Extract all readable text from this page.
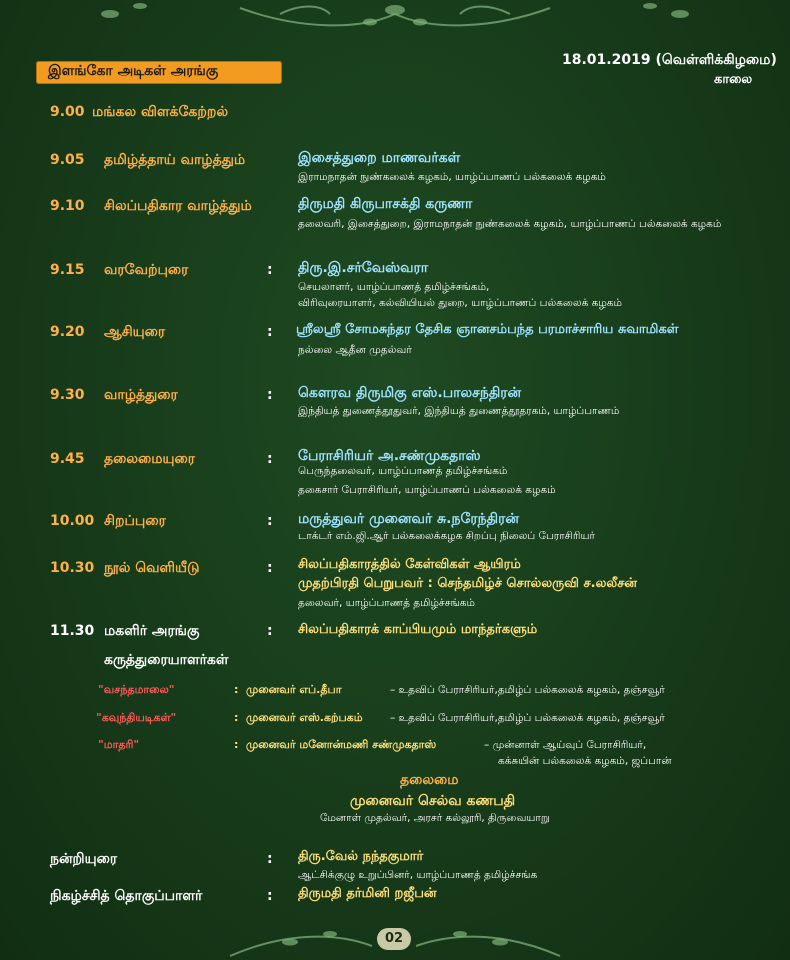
18.01.2019 (வெள்ளிக்கிழமை)
காலை
இளங்கோ அடிகள் அரங்கு
9.00 மங்கல விளக்கேற்றல்
9.05 தமிழ்த்தாய் வாழ்த்தும்	இசைத்துறை மாணவர்கள்
இராமநாதன் நுண்கலைக் கழகம், யாழ்ப்பாணப் பல்கலைக் கழகம்
9.10 சிலப்பதிகார வாழ்த்தும்	திருமதி கிருபாசக்தி கருணா
தலைவரி, இசைத்துறை, இராமநாதன் நுண்கலைக் கழகம், யாழ்ப்பாணப் பல்கலைக் கழகம்
9.15 வரவேற்புரை	: திரு.இ.சர்வேஸ்வரா
செயலாளர், யாழ்ப்பாணத் தமிழ்ச்சங்கம்,
விரிவுரையாளர், கல்வியியல் துறை, யாழ்ப்பாணப் பல்கலைக் கழகம்
9.20 ஆசியுரை	: ஸ்ரீலஸ்ரீ சோமசுந்தர தேசிக ஞானசம்பந்த பரமாச்சாரிய சுவாமிகள்
நல்லை ஆதீன முதல்வர்
9.30 வாழ்த்துரை	: கௌரவ திருமிகு எஸ்.பாலசந்திரன்
இந்தியத் துணைத்தூதுவர், இந்தியத் துணைத்தூதரகம், யாழ்ப்பாணம்
9.45 தலைமையுரை	: பேராசிரியர் அ.சண்முகதாஸ்
பெருந்தலைவர், யாழ்ப்பாணத் தமிழ்ச்சங்கம்
தகைசார் பேராசிரியர், யாழ்ப்பாணப் பல்கலைக் கழகம்
10.00 சிறப்புரை	: மருத்துவர் முனைவர் சு.நரேந்திரன்
டாக்டர் எம்.ஜி.ஆர் பல்கலைக்கழக சிறப்பு நிலைப் பேராசிரியர்
10.30 நூல் வெளியீடு	: சிலப்பதிகாரத்தில் கேள்விகள் ஆயிரம்
முதற்பிரதி பெறுபவர் : செந்தமிழ்ச் சொல்லருவி ச.லலீசன்
தலைவர், யாழ்ப்பாணத் தமிழ்ச்சங்கம்
11.30 மகளிர் அரங்கு	: சிலப்பதிகாரக் காப்பியமும் மாந்தர்களும்
கருத்துரையாளர்கள்
"வசந்தமாலை"	: முனைவர் எப்.தீபா	– உதவிப் பேராசிரியர்,தமிழ்ப் பல்கலைக் கழகம், தஞ்சவூர்
"கவுந்தியடிகள்"	: முனைவர் எஸ்.கற்பகம்	– உதவிப் பேராசிரியர்,தமிழ்ப் பல்கலைக் கழகம், தஞ்சவூர்
"மாதரி"	: முனைவர் மனோன்மணி சண்முகதாஸ்	– முன்னாள் ஆய்வுப் பேராசிரியர்,
கக்சுயின் பல்கலைக் கழகம், ஜப்பான்
தலைமை
முனைவர் செல்வ கணபதி
மேனாள் முதல்வர், அரசர் கல்லூரி, திருவையாறு
நன்றியுரை	: திரு.வேல் நந்தகுமார்
ஆட்சிக்குழு உறுப்பினர், யாழ்ப்பாணத் தமிழ்ச்சங்க
நிகழ்ச்சித் தொகுப்பாளர்	: திருமதி தர்மினி றஜீபன்
02
